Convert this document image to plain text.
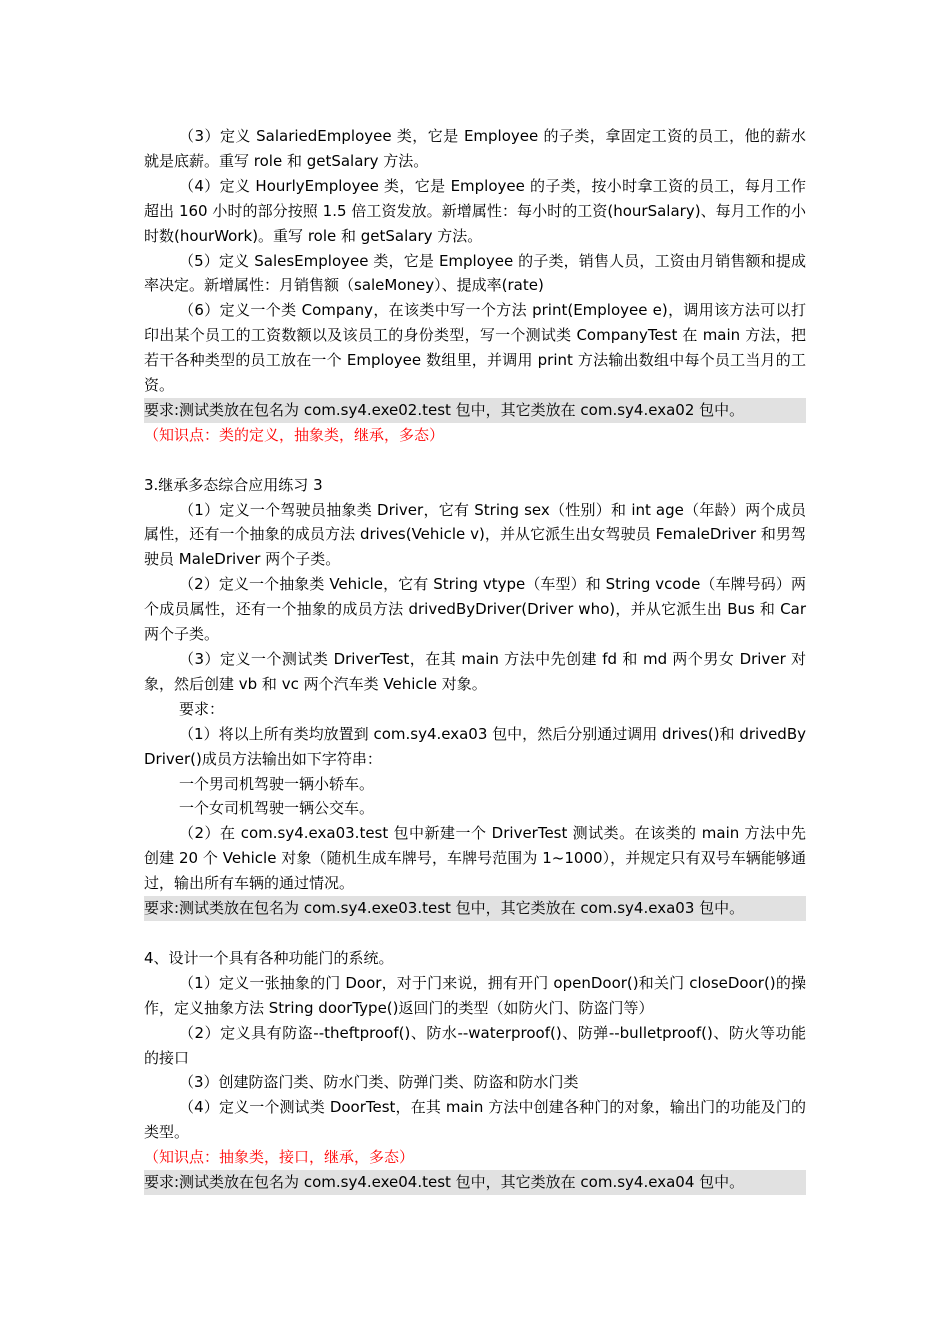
（3）定义 SalariedEmployee 类，它是 Employee 的子类，拿固定工资的员工，他的薪水就是底薪。重写 role 和 getSalary 方法。

（4）定义 HourlyEmployee 类，它是 Employee 的子类，按小时拿工资的员工，每月工作超出 160 小时的部分按照 1.5 倍工资发放。新增属性：每小时的工资(hourSalary)、每月工作的小时数(hourWork)。重写 role 和 getSalary 方法。

（5）定义 SalesEmployee 类，它是 Employee 的子类，销售人员，工资由月销售额和提成率决定。新增属性：月销售额（saleMoney）、提成率(rate)

（6）定义一个类 Company，在该类中写一个方法 print(Employee e)，调用该方法可以打印出某个员工的工资数额以及该员工的身份类型，写一个测试类 CompanyTest 在 main 方法，把若干各种类型的员工放在一个 Employee 数组里，并调用 print 方法输出数组中每个员工当月的工资。

要求:测试类放在包名为 com.sy4.exe02.test 包中，其它类放在 com.sy4.exa02 包中。

（知识点：类的定义，抽象类，继承，多态）

3.继承多态综合应用练习 3

（1）定义一个驾驶员抽象类 Driver，它有 String sex（性别）和 int age（年龄）两个成员属性，还有一个抽象的成员方法 drives(Vehicle v)，并从它派生出女驾驶员 FemaleDriver 和男驾驶员 MaleDriver 两个子类。

（2）定义一个抽象类 Vehicle，它有 String vtype（车型）和 String vcode（车牌号码）两个成员属性，还有一个抽象的成员方法 drivedByDriver(Driver who)，并从它派生出 Bus 和 Car 两个子类。

（3）定义一个测试类 DriverTest，在其 main 方法中先创建 fd 和 md 两个男女 Driver 对象，然后创建 vb 和 vc 两个汽车类 Vehicle 对象。

要求：

（1）将以上所有类均放置到 com.sy4.exa03 包中，然后分别通过调用 drives()和 drivedByDriver()成员方法输出如下字符串：

一个男司机驾驶一辆小轿车。

一个女司机驾驶一辆公交车。

（2）在 com.sy4.exa03.test 包中新建一个 DriverTest 测试类。在该类的 main 方法中先创建 20 个 Vehicle 对象（随机生成车牌号，车牌号范围为 1~1000），并规定只有双号车辆能够通过，输出所有车辆的通过情况。

要求:测试类放在包名为 com.sy4.exe03.test 包中，其它类放在 com.sy4.exa03 包中。

4、设计一个具有各种功能门的系统。

（1）定义一张抽象的门 Door，对于门来说，拥有开门 openDoor()和关门 closeDoor()的操作，定义抽象方法 String doorType()返回门的类型（如防火门、防盗门等）

（2）定义具有防盗--theftproof()、防水--waterproof()、防弹--bulletproof()、防火等功能的接口

（3）创建防盗门类、防水门类、防弹门类、防盗和防水门类

（4）定义一个测试类 DoorTest，在其 main 方法中创建各种门的对象，输出门的功能及门的类型。

（知识点：抽象类，接口，继承，多态）

要求:测试类放在包名为 com.sy4.exe04.test 包中，其它类放在 com.sy4.exa04 包中。
